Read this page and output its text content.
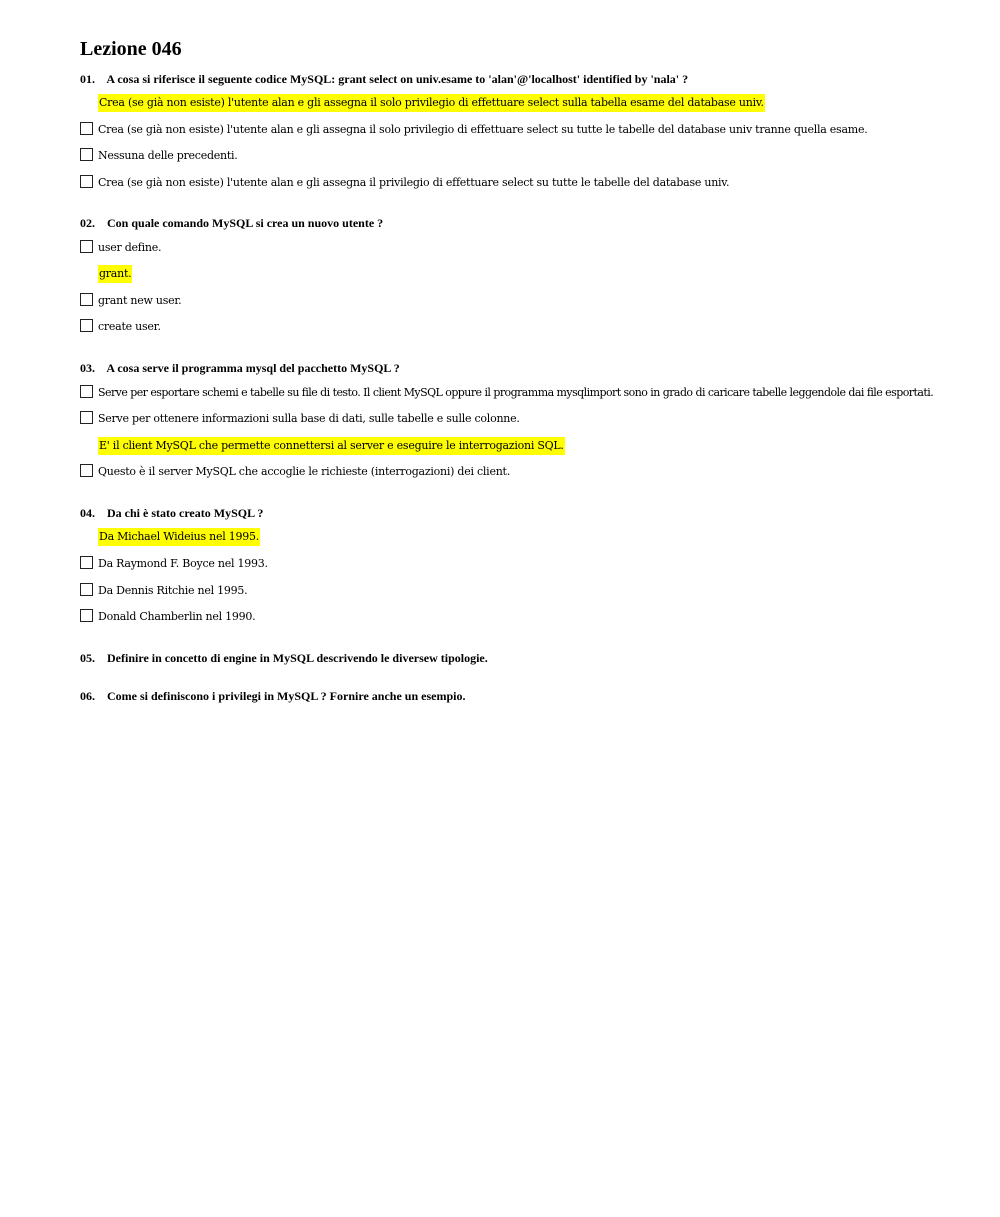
Lezione 046
01. A cosa si riferisce il seguente codice MySQL: grant select on univ.esame to 'alan'@'localhost' identified by 'nala' ?
Crea (se già non esiste) l'utente alan e gli assegna il solo privilegio di effettuare select sulla tabella esame del database univ.
Crea (se già non esiste) l'utente alan e gli assegna il solo privilegio di effettuare select su tutte le tabelle del database univ tranne quella esame.
Nessuna delle precedenti.
Crea (se già non esiste) l'utente alan e gli assegna il privilegio di effettuare select su tutte le tabelle del database univ.
02. Con quale comando MySQL si crea un nuovo utente ?
user define.
grant.
grant new user.
create user.
03. A cosa serve il programma mysql del pacchetto MySQL ?
Serve per esportare schemi e tabelle su file di testo. Il client MySQL oppure il programma mysqlimport sono in grado di caricare tabelle leggendole dai file esportati.
Serve per ottenere informazioni sulla base di dati, sulle tabelle e sulle colonne.
E' il client MySQL che permette connettersi al server e eseguire le interrogazioni SQL.
Questo è il server MySQL che accoglie le richieste (interrogazioni) dei client.
04. Da chi è stato creato MySQL ?
Da Michael Wideius nel 1995.
Da Raymond F. Boyce nel 1993.
Da Dennis Ritchie nel 1995.
Donald Chamberlin nel 1990.
05. Definire in concetto di engine in MySQL descrivendo le diversew tipologie.
06. Come si definiscono i privilegi in MySQL ? Fornire anche un esempio.
